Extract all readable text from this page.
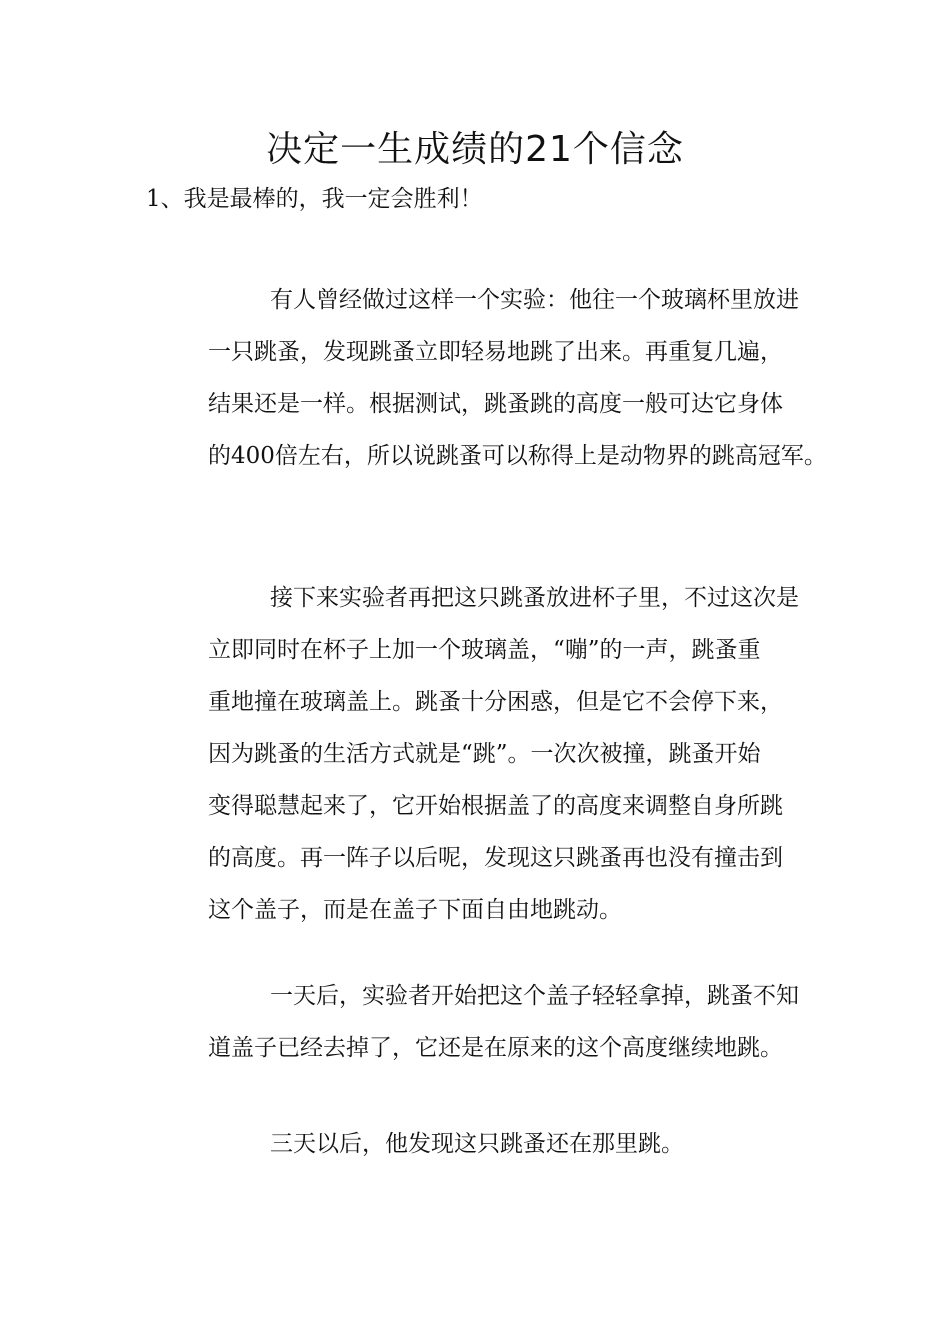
决定一生成绩的21个信念
1、我是最棒的，我一定会胜利！
有人曾经做过这样一个实验：他往一个玻璃杯里放进
一只跳蚤，发现跳蚤立即轻易地跳了出来。再重复几遍，
结果还是一样。根据测试，跳蚤跳的高度一般可达它身体
的400倍左右，所以说跳蚤可以称得上是动物界的跳高冠军。
接下来实验者再把这只跳蚤放进杯子里，不过这次是
立即同时在杯子上加一个玻璃盖，“嘣”的一声，跳蚤重
重地撞在玻璃盖上。跳蚤十分困惑，但是它不会停下来，
因为跳蚤的生活方式就是“跳”。一次次被撞，跳蚤开始
变得聪慧起来了，它开始根据盖了的高度来调整自身所跳
的高度。再一阵子以后呢，发现这只跳蚤再也没有撞击到
这个盖子，而是在盖子下面自由地跳动。
一天后，实验者开始把这个盖子轻轻拿掉，跳蚤不知
道盖子已经去掉了，它还是在原来的这个高度继续地跳。
三天以后，他发现这只跳蚤还在那里跳。
